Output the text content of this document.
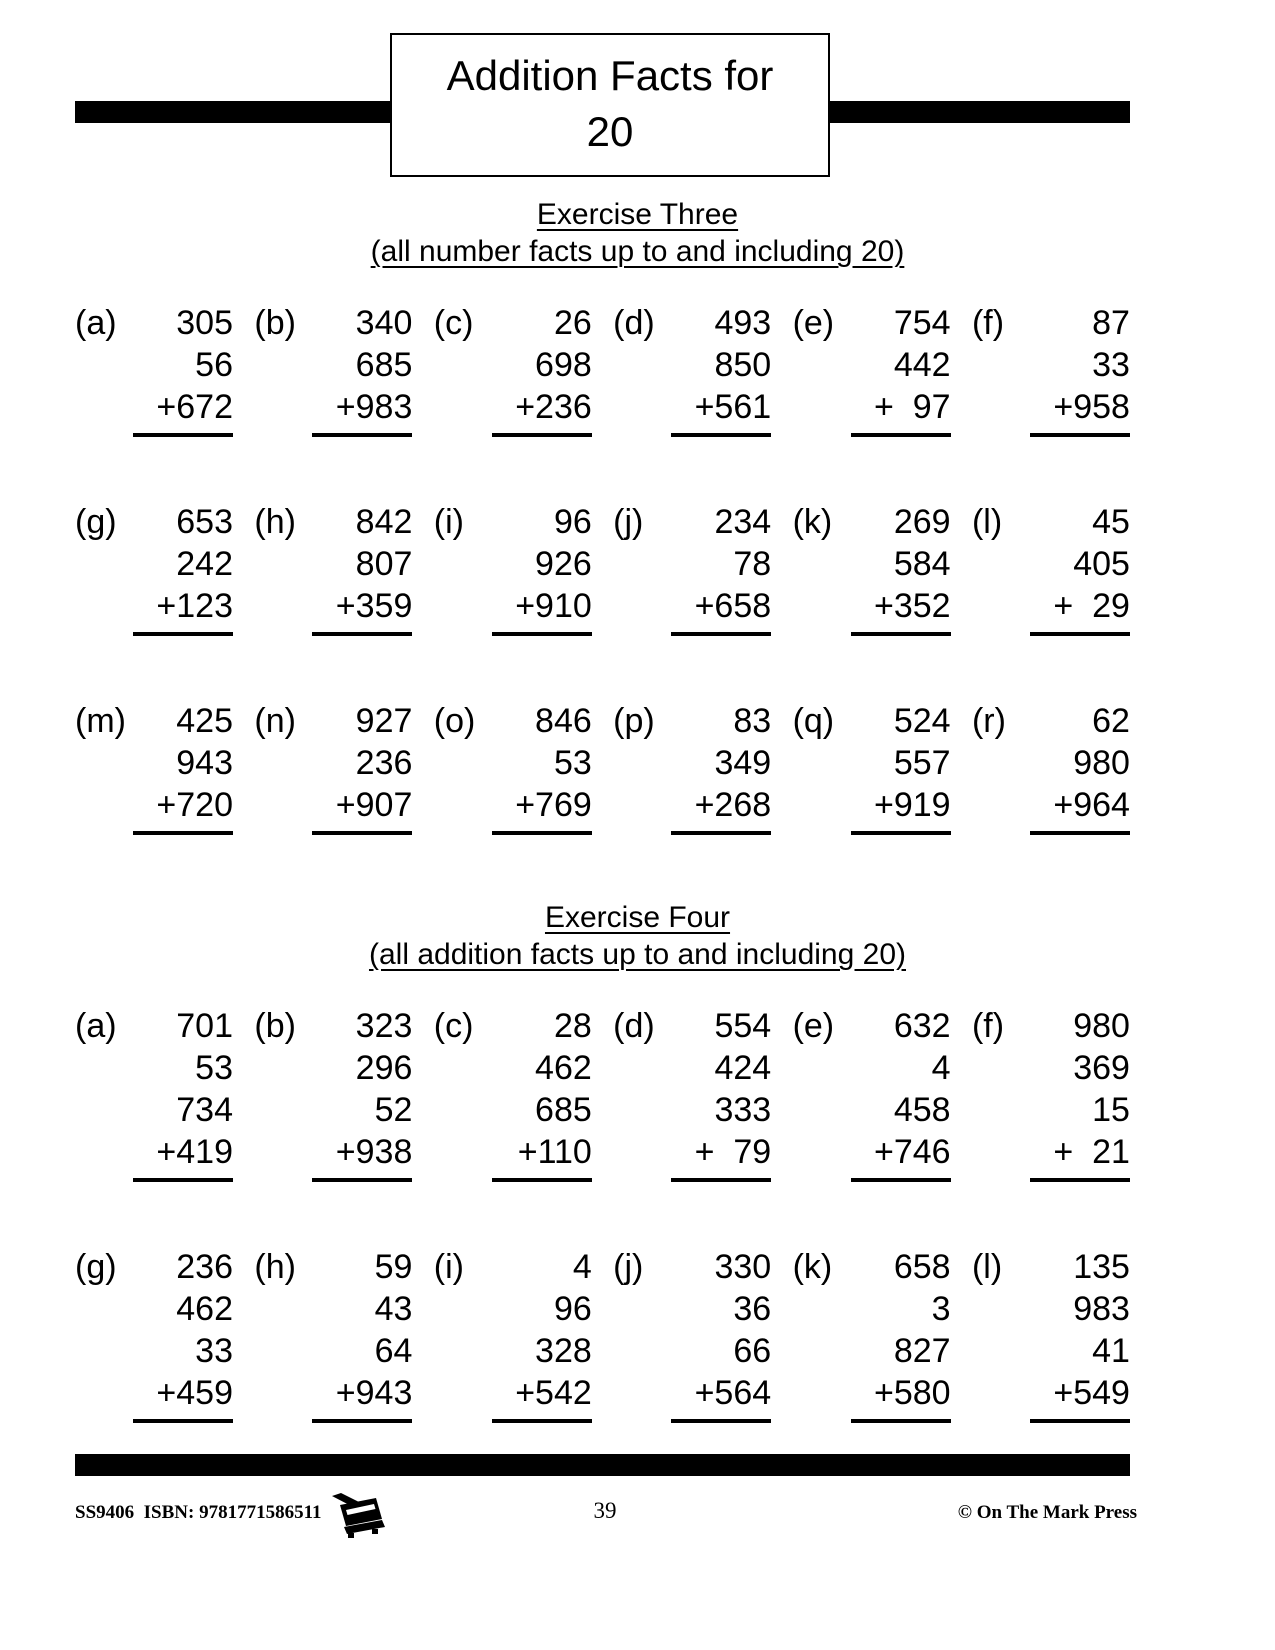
Addition Facts for
20
Exercise Three
(all number facts up to and including 20)
(a)	305
56
+672
(b)	340
685
+983
(c)	26
698
+236
(d)	493
850
+561
(e)	754
442
+  97
(f)	87
33
+958
(g)	653
242
+123
(h)	842
807
+359
(i)	96
926
+910
(j)	234
78
+658
(k)	269
584
+352
(l)	45
405
+  29
(m)	425
943
+720
(n)	927
236
+907
(o)	846
53
+769
(p)	83
349
+268
(q)	524
557
+919
(r)	62
980
+964
Exercise Four
(all addition facts up to and including 20)
(a)	701
53
734
+419
(b)	323
296
52
+938
(c)	28
462
685
+110
(d)	554
424
333
+  79
(e)	632
4
458
+746
(f)	980
369
15
+  21
(g)	236
462
33
+459
(h)	59
43
64
+943
(i)	4
96
328
+542
(j)	330
36
66
+564
(k)	658
3
827
+580
(l)	135
983
41
+549
SS9406  ISBN: 9781771586511	39	© On The Mark Press
